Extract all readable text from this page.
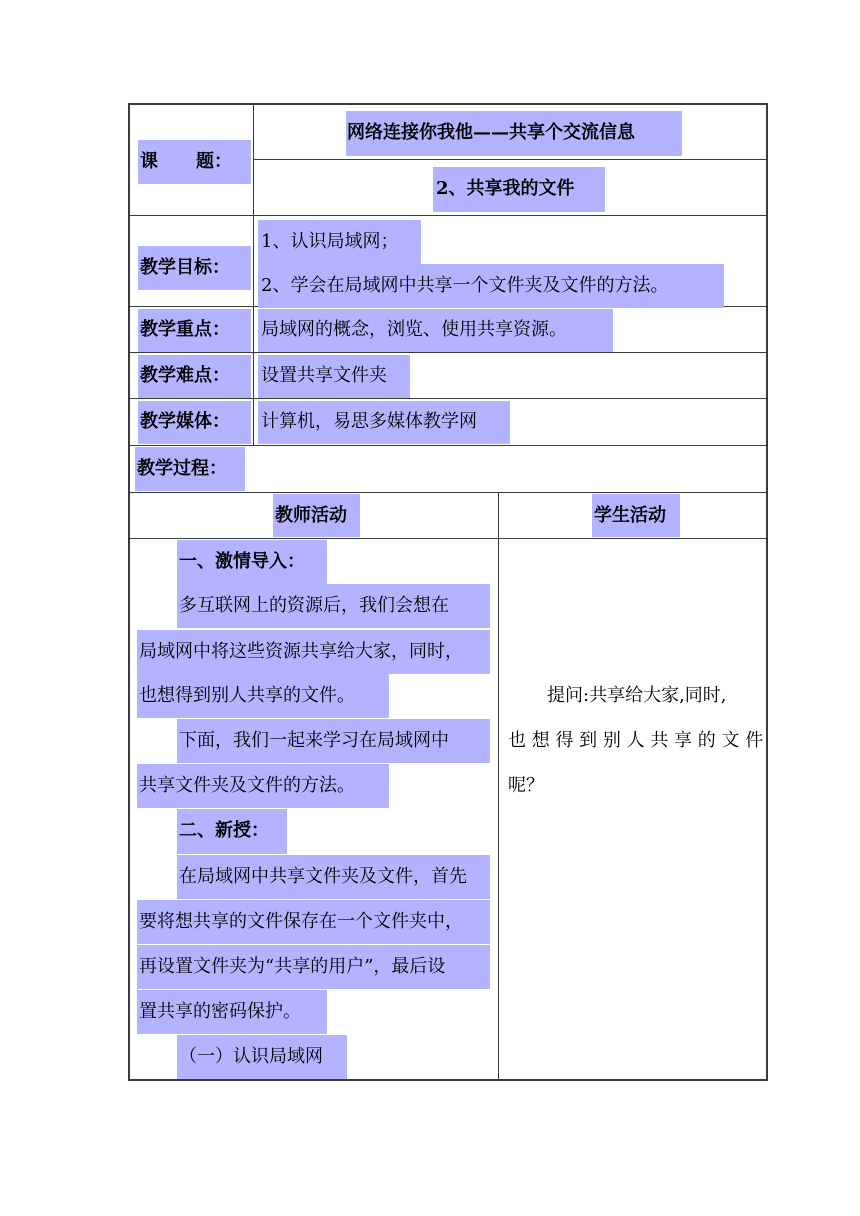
课 题：
网络连接你我他——共享个交流信息
2、共享我的文件
教学目标：
1、认识局域网；
2、学会在局域网中共享一个文件夹及文件的方法。
教学重点： 局域网的概念，浏览、使用共享资源。
教学难点： 设置共享文件夹
教学媒体： 计算机，易思多媒体教学网
教学过程：
教师活动	学生活动
一、激情导入：
多互联网上的资源后，我们会想在
局域网中将这些资源共享给大家，同时，
也想得到别人共享的文件。
下面，我们一起来学习在局域网中
共享文件夹及文件的方法。
二、新授：
在局域网中共享文件夹及文件，首先
要将想共享的文件保存在一个文件夹中，
再设置文件夹为“共享的用户”，最后设
置共享的密码保护。
（一）认识局域网
提问:共享给大家,同时,
也 想 得 到 别 人 共 享 的 文 件
呢？
